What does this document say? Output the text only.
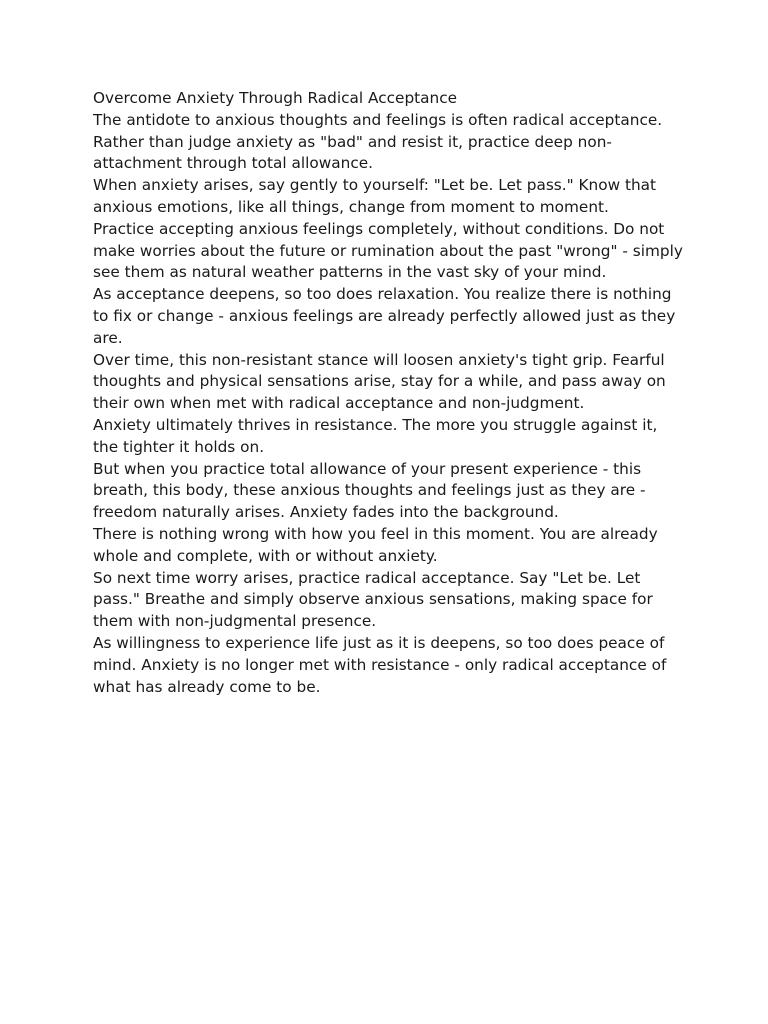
Overcome Anxiety Through Radical Acceptance

The antidote to anxious thoughts and feelings is often radical acceptance. Rather than judge anxiety as "bad" and resist it, practice deep non-attachment through total allowance.

When anxiety arises, say gently to yourself: "Let be. Let pass." Know that anxious emotions, like all things, change from moment to moment.

Practice accepting anxious feelings completely, without conditions. Do not make worries about the future or rumination about the past "wrong" - simply see them as natural weather patterns in the vast sky of your mind.

As acceptance deepens, so too does relaxation. You realize there is nothing to fix or change - anxious feelings are already perfectly allowed just as they are.

Over time, this non-resistant stance will loosen anxiety's tight grip. Fearful thoughts and physical sensations arise, stay for a while, and pass away on their own when met with radical acceptance and non-judgment.

Anxiety ultimately thrives in resistance. The more you struggle against it, the tighter it holds on.

But when you practice total allowance of your present experience - this breath, this body, these anxious thoughts and feelings just as they are - freedom naturally arises. Anxiety fades into the background.

There is nothing wrong with how you feel in this moment. You are already whole and complete, with or without anxiety.

So next time worry arises, practice radical acceptance. Say "Let be. Let pass." Breathe and simply observe anxious sensations, making space for them with non-judgmental presence.

As willingness to experience life just as it is deepens, so too does peace of mind. Anxiety is no longer met with resistance - only radical acceptance of what has already come to be.
